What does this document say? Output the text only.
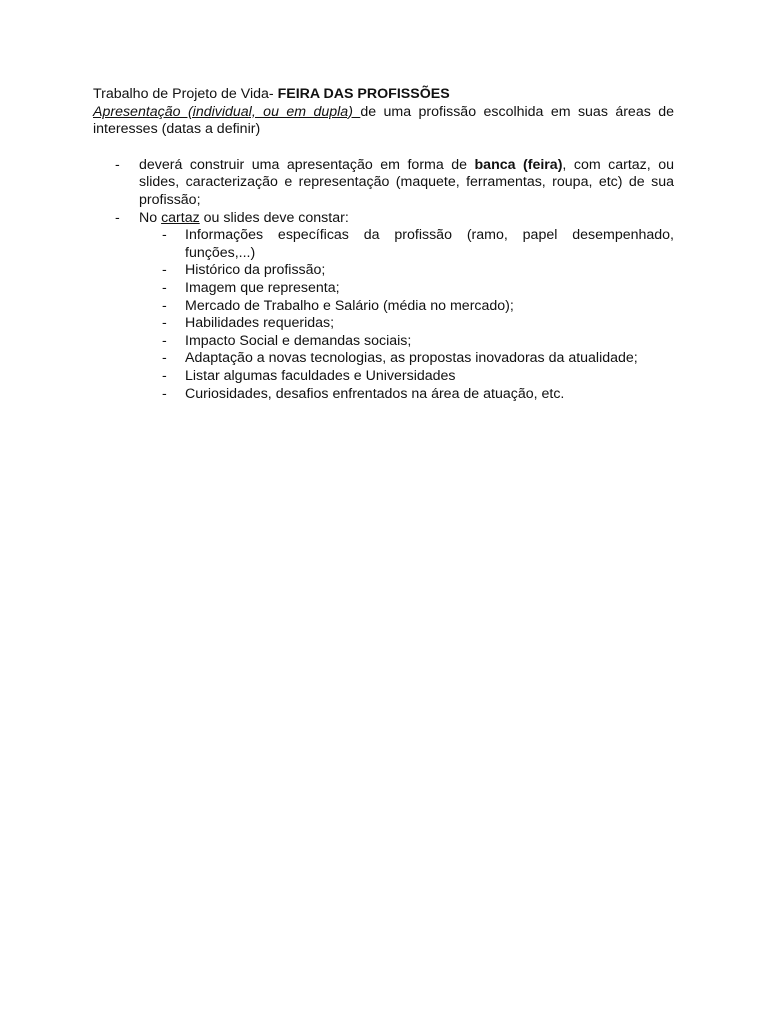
Trabalho de Projeto de Vida- FEIRA DAS PROFISSÕES
Apresentação (individual, ou em dupla) de uma profissão escolhida em suas áreas de interesses (datas a definir)
- deverá construir uma apresentação em forma de banca (feira), com cartaz, ou slides, caracterização e representação (maquete, ferramentas, roupa, etc) de sua profissão;
- No cartaz ou slides deve constar:
- Informações específicas da profissão (ramo, papel desempenhado, funções,...)
- Histórico da profissão;
- Imagem que representa;
- Mercado de Trabalho e Salário (média no mercado);
- Habilidades requeridas;
- Impacto Social e demandas sociais;
- Adaptação a novas tecnologias, as propostas inovadoras da atualidade;
- Listar algumas faculdades e Universidades
- Curiosidades, desafios enfrentados na área de atuação, etc.
